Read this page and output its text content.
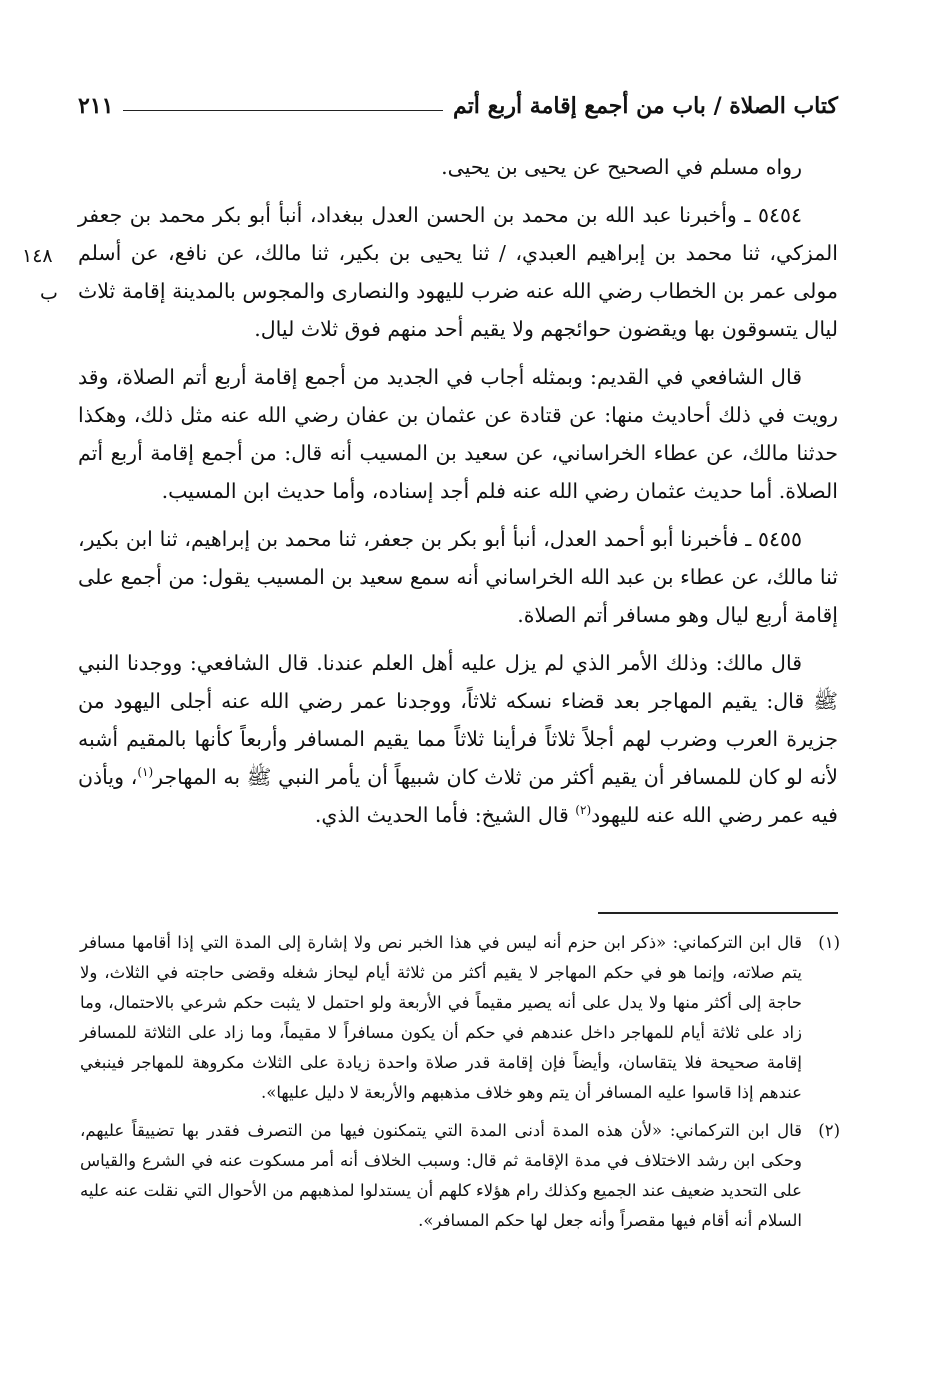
كتاب الصلاة / باب من أجمع إقامة أربع أتم
٢١١
١٤٨
ب

رواه مسلم في الصحيح عن يحيى بن يحيى.

٥٤٥٤ ـ وأخبرنا عبد الله بن محمد بن الحسن العدل ببغداد، أنبأ أبو بكر محمد بن جعفر المزكي، ثنا محمد بن إبراهيم العبدي، / ثنا يحيى بن بكير، ثنا مالك، عن نافع، عن أسلم مولى عمر بن الخطاب رضي الله عنه ضرب لليهود والنصارى والمجوس بالمدينة إقامة ثلاث ليال يتسوقون بها ويقضون حوائجهم ولا يقيم أحد منهم فوق ثلاث ليال.

قال الشافعي في القديم: وبمثله أجاب في الجديد من أجمع إقامة أربع أتم الصلاة، وقد رويت في ذلك أحاديث منها: عن قتادة عن عثمان بن عفان رضي الله عنه مثل ذلك، وهكذا حدثنا مالك، عن عطاء الخراساني، عن سعيد بن المسيب أنه قال: من أجمع إقامة أربع أتم الصلاة. أما حديث عثمان رضي الله عنه فلم أجد إسناده، وأما حديث ابن المسيب.

٥٤٥٥ ـ فأخبرنا أبو أحمد العدل، أنبأ أبو بكر بن جعفر، ثنا محمد بن إبراهيم، ثنا ابن بكير، ثنا مالك، عن عطاء بن عبد الله الخراساني أنه سمع سعيد بن المسيب يقول: من أجمع على إقامة أربع ليال وهو مسافر أتم الصلاة.

قال مالك: وذلك الأمر الذي لم يزل عليه أهل العلم عندنا. قال الشافعي: ووجدنا النبي ﷺ قال: يقيم المهاجر بعد قضاء نسكه ثلاثاً، ووجدنا عمر رضي الله عنه أجلى اليهود من جزيرة العرب وضرب لهم أجلاً ثلاثاً فرأينا ثلاثاً مما يقيم المسافر وأربعاً كأنها بالمقيم أشبه لأنه لو كان للمسافر أن يقيم أكثر من ثلاث كان شبيهاً أن يأمر النبي ﷺ به المهاجر$^{(١)}$، ويأذن فيه عمر رضي الله عنه لليهود$^{(٢)}$ قال الشيخ: فأما الحديث الذي.

(١)
قال ابن التركماني: «ذكر ابن حزم أنه ليس في هذا الخبر نص ولا إشارة إلى المدة التي إذا أقامها مسافر يتم صلاته، وإنما هو في حكم المهاجر لا يقيم أكثر من ثلاثة أيام ليحاز شغله وقضى حاجته في الثلاث، ولا حاجة إلى أكثر منها ولا يدل على أنه يصير مقيماً في الأربعة ولو احتمل لا يثبت حكم شرعي بالاحتمال، وما زاد على ثلاثة أيام للمهاجر داخل عندهم في حكم أن يكون مسافراً لا مقيماً، وما زاد على الثلاثة للمسافر إقامة صحيحة فلا يتقاسان، وأيضاً فإن إقامة قدر صلاة واحدة زيادة على الثلاث مكروهة للمهاجر فينبغي عندهم إذا قاسوا عليه المسافر أن يتم وهو خلاف مذهبهم والأربعة لا دليل عليها».
(٢)
قال ابن التركماني: «لأن هذه المدة أدنى المدة التي يتمكنون فيها من التصرف فقدر بها تضييقاً عليهم، وحكى ابن رشد الاختلاف في مدة الإقامة ثم قال: وسبب الخلاف أنه أمر مسكوت عنه في الشرع والقياس على التحديد ضعيف عند الجميع وكذلك رام هؤلاء كلهم أن يستدلوا لمذهبهم من الأحوال التي نقلت عنه عليه السلام أنه أقام فيها مقصراً وأنه جعل لها حكم المسافر».
